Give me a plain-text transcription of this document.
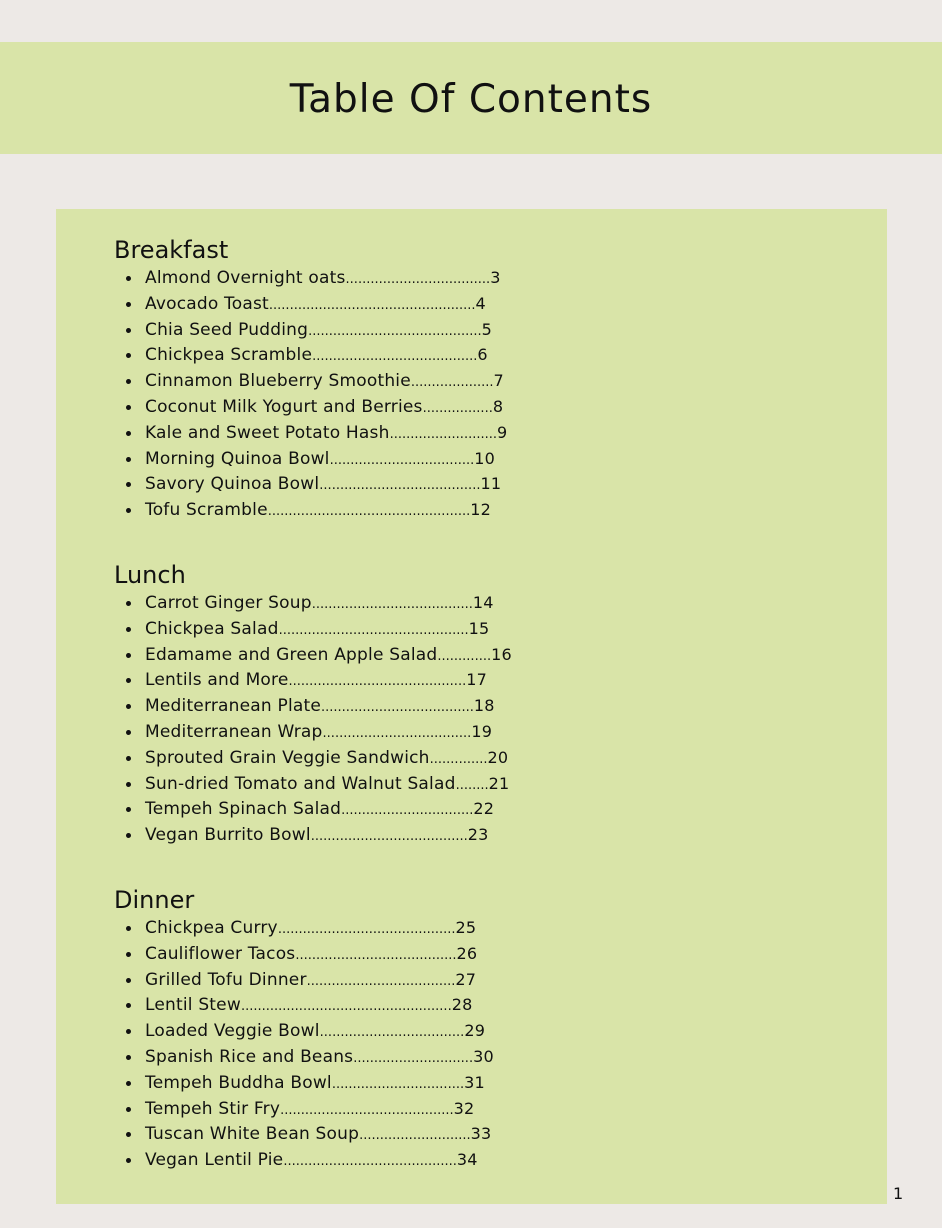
Table Of Contents
Breakfast
Almond Overnight oats...................................3
Avocado Toast..................................................4
Chia Seed Pudding..........................................5
Chickpea Scramble........................................6
Cinnamon Blueberry Smoothie....................7
Coconut Milk Yogurt and Berries.................8
Kale and Sweet Potato Hash..........................9
Morning Quinoa Bowl...................................10
Savory Quinoa Bowl.......................................11
Tofu Scramble.................................................12
Lunch
Carrot Ginger Soup.......................................14
Chickpea Salad..............................................15
Edamame and Green Apple Salad.............16
Lentils and More...........................................17
Mediterranean Plate.....................................18
Mediterranean Wrap....................................19
Sprouted Grain Veggie Sandwich..............20
Sun-dried Tomato and Walnut Salad........21
Tempeh Spinach Salad................................22
Vegan Burrito Bowl......................................23
Dinner
Chickpea Curry...........................................25
Cauliflower Tacos.......................................26
Grilled Tofu Dinner....................................27
Lentil Stew...................................................28
Loaded Veggie Bowl...................................29
Spanish Rice and Beans.............................30
Tempeh Buddha Bowl................................31
Tempeh Stir Fry..........................................32
Tuscan White Bean Soup...........................33
Vegan Lentil Pie..........................................34
1
